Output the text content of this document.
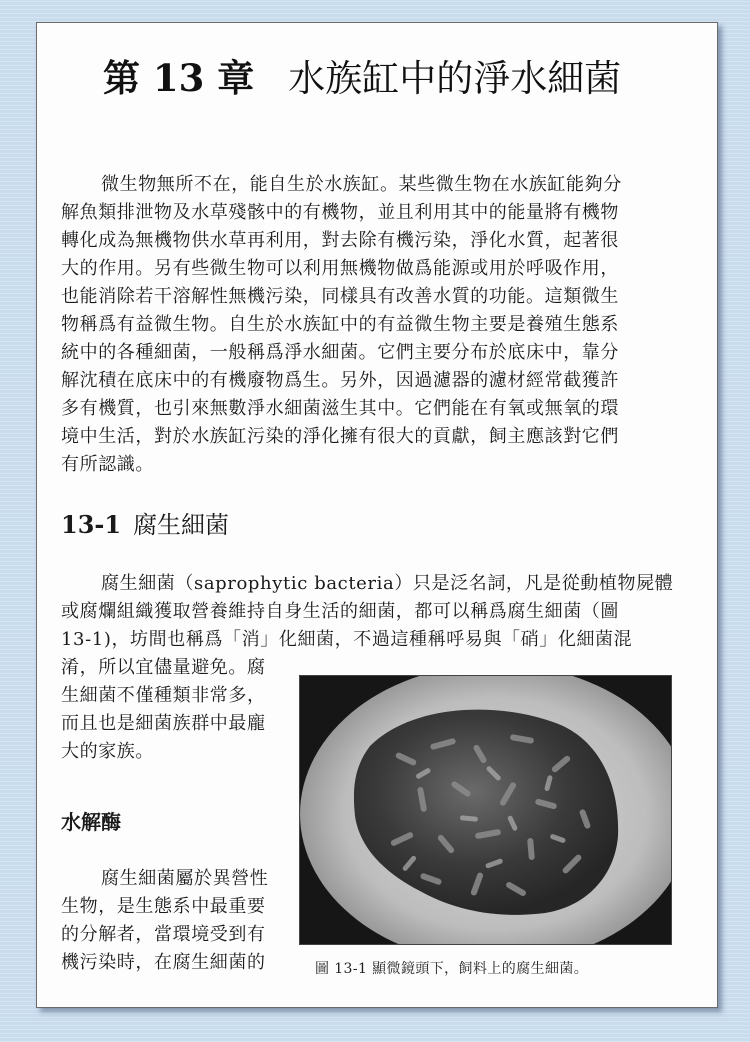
第 13 章 水族缸中的淨水細菌
微生物無所不在，能自生於水族缸。某些微生物在水族缸能夠分
解魚類排泄物及水草殘骸中的有機物，並且利用其中的能量將有機物
轉化成為無機物供水草再利用，對去除有機污染，淨化水質，起著很
大的作用。另有些微生物可以利用無機物做爲能源或用於呼吸作用，
也能消除若干溶解性無機污染，同樣具有改善水質的功能。這類微生
物稱爲有益微生物。自生於水族缸中的有益微生物主要是養殖生態系
統中的各種細菌，一般稱爲淨水細菌。它們主要分布於底床中，靠分
解沈積在底床中的有機廢物爲生。另外，因過濾器的濾材經常截獲許
多有機質，也引來無數淨水細菌滋生其中。它們能在有氧或無氧的環
境中生活，對於水族缸污染的淨化擁有很大的貢獻，飼主應該對它們
有所認識。
13-1 腐生細菌
腐生細菌（saprophytic bacteria）只是泛名詞，凡是從動植物屍體
或腐爛組織獲取營養維持自身生活的細菌，都可以稱爲腐生細菌（圖
13-1)，坊間也稱爲「消」化細菌，不過這種稱呼易與「硝」化細菌混
淆，所以宜儘量避免。腐
生細菌不僅種類非常多，
而且也是細菌族群中最龐
大的家族。
水解酶
腐生細菌屬於異營性
生物，是生態系中最重要
的分解者，當環境受到有
機污染時，在腐生細菌的	圖 13-1 顯微鏡頭下，飼料上的腐生細菌。
